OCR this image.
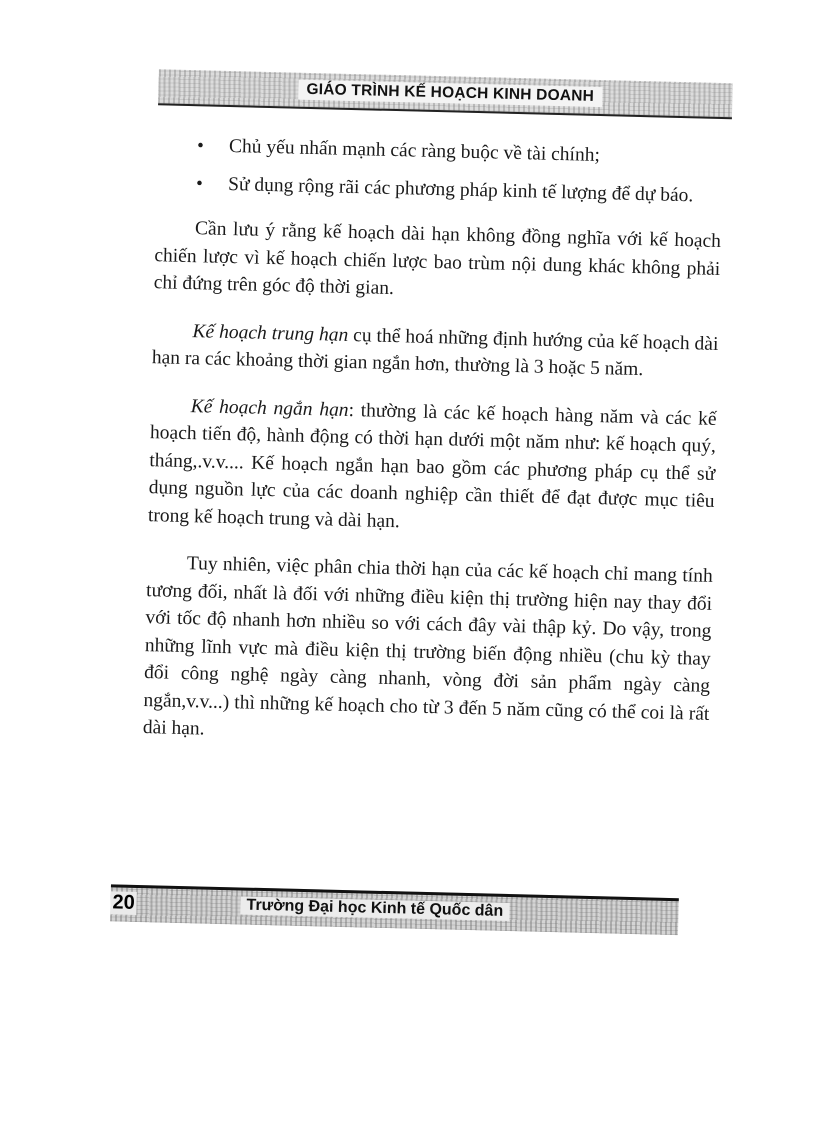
GIÁO TRÌNH KẾ HOẠCH KINH DOANH
• Chủ yếu nhấn mạnh các ràng buộc về tài chính;
• Sử dụng rộng rãi các phương pháp kinh tế lượng để dự báo.

Cần lưu ý rằng kế hoạch dài hạn không đồng nghĩa với kế hoạch chiến lược vì kế hoạch chiến lược bao trùm nội dung khác không phải chỉ đứng trên góc độ thời gian.

Kế hoạch trung hạn cụ thể hoá những định hướng của kế hoạch dài hạn ra các khoảng thời gian ngắn hơn, thường là 3 hoặc 5 năm.

Kế hoạch ngắn hạn: thường là các kế hoạch hàng năm và các kế hoạch tiến độ, hành động có thời hạn dưới một năm như: kế hoạch quý, tháng,.v.v.... Kế hoạch ngắn hạn bao gồm các phương pháp cụ thể sử dụng nguồn lực của các doanh nghiệp cần thiết để đạt được mục tiêu trong kế hoạch trung và dài hạn.

Tuy nhiên, việc phân chia thời hạn của các kế hoạch chỉ mang tính tương đối, nhất là đối với những điều kiện thị trường hiện nay thay đổi với tốc độ nhanh hơn nhiều so với cách đây vài thập kỷ. Do vậy, trong những lĩnh vực mà điều kiện thị trường biến động nhiều (chu kỳ thay đổi công nghệ ngày càng nhanh, vòng đời sản phẩm ngày càng ngắn,v.v...) thì những kế hoạch cho từ 3 đến 5 năm cũng có thể coi là rất dài hạn.

20	Trường Đại học Kinh tế Quốc dân
